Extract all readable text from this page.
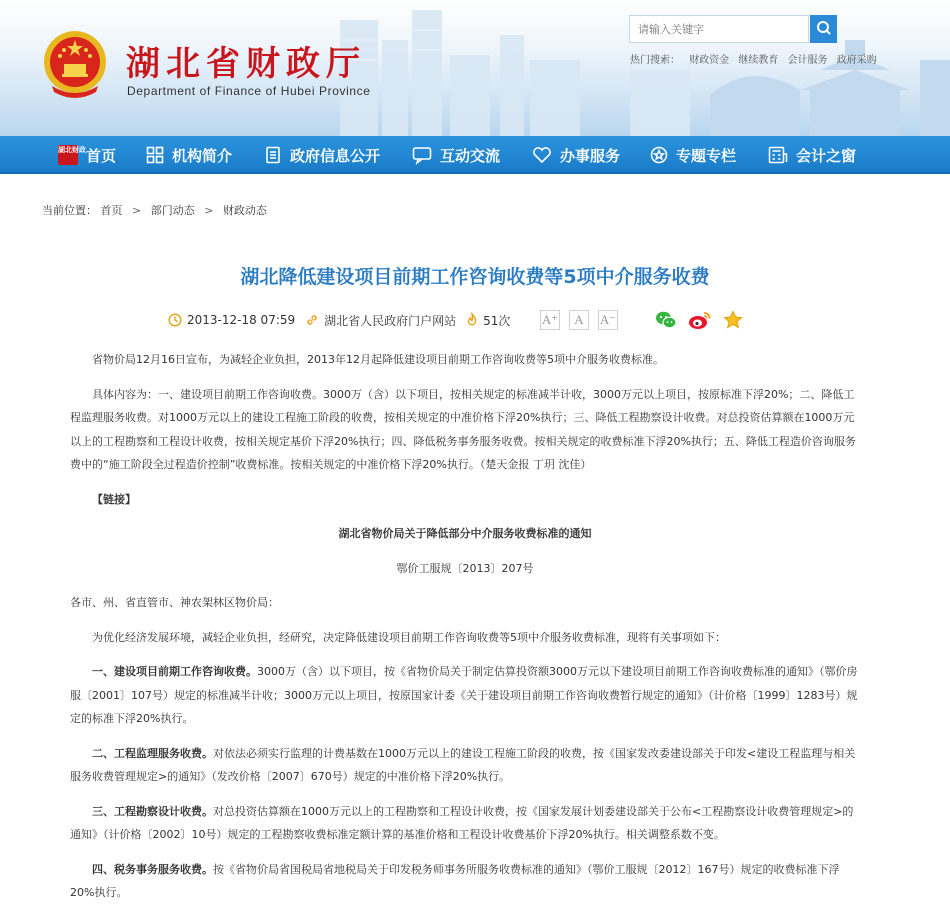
湖北省财政厅
Department of Finance of Hubei Province
请输入关键字
热门搜索： 财政资金 继续教育 会计服务 政府采购
湖北财政 首页	机构简介	政府信息公开	互动交流	办事服务	专题专栏	会计之窗
当前位置： 首页 > 部门动态 > 财政动态
湖北降低建设项目前期工作咨询收费等5项中介服务收费
2013-12-18 07:59 湖北省人民政府门户网站 51次 A⁺	A	A⁻

省物价局12月16日宣布，为减轻企业负担，2013年12月起降低建设项目前期工作咨询收费等5项中介服务收费标准。

具体内容为：一、建设项目前期工作咨询收费。3000万（含）以下项目，按相关规定的标准减半计收，3000万元以上项目，按原标准下浮20%；二、降低工程监理服务收费。对1000万元以上的建设工程施工阶段的收费，按相关规定的中准价格下浮20%执行；三、降低工程勘察设计收费。对总投资估算额在1000万元以上的工程勘察和工程设计收费，按相关规定基价下浮20%执行；四、降低税务事务服务收费。按相关规定的收费标准下浮20%执行；五、降低工程造价咨询服务费中的“施工阶段全过程造价控制”收费标准。按相关规定的中准价格下浮20%执行。（楚天金报 丁玥 沈佳）

【链接】

湖北省物价局关于降低部分中介服务收费标准的通知

鄂价工服规〔2013〕207号

各市、州、省直管市、神农架林区物价局：

为优化经济发展环境，减轻企业负担，经研究，决定降低建设项目前期工作咨询收费等5项中介服务收费标准，现将有关事项如下：

一、建设项目前期工作咨询收费。3000万（含）以下项目，按《省物价局关于制定估算投资额3000万元以下建设项目前期工作咨询收费标准的通知》（鄂价房服〔2001〕107号）规定的标准减半计收；3000万元以上项目，按原国家计委《关于建设项目前期工作咨询收费暂行规定的通知》（计价格〔1999〕1283号）规定的标准下浮20%执行。

二、工程监理服务收费。对依法必须实行监理的计费基数在1000万元以上的建设工程施工阶段的收费，按《国家发改委建设部关于印发<建设工程监理与相关服务收费管理规定>的通知》（发改价格〔2007〕670号）规定的中准价格下浮20%执行。

三、工程勘察设计收费。对总投资估算额在1000万元以上的工程勘察和工程设计收费，按《国家发展计划委建设部关于公布<工程勘察设计收费管理规定>的通知》（计价格〔2002〕10号）规定的工程勘察收费标准定额计算的基准价格和工程设计收费基价下浮20%执行。相关调整系数不变。

四、税务事务服务收费。按《省物价局省国税局省地税局关于印发税务师事务所服务收费标准的通知》（鄂价工服规〔2012〕167号）规定的收费标准下浮20%执行。
